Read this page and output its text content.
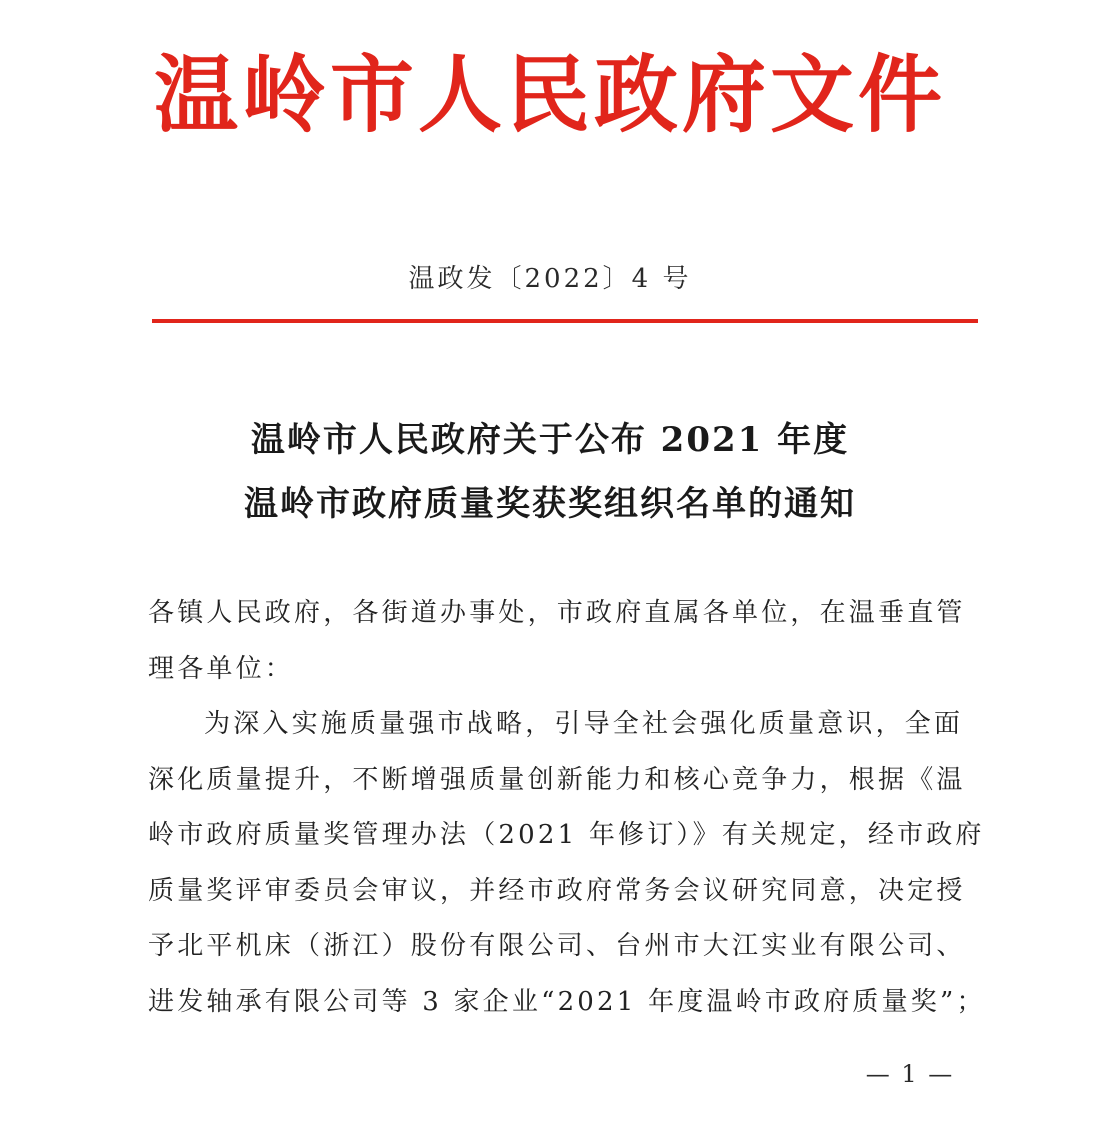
温岭市人民政府文件
温政发〔2022〕4 号
温岭市人民政府关于公布 2021 年度
温岭市政府质量奖获奖组织名单的通知
各镇人民政府，各街道办事处，市政府直属各单位，在温垂直管
理各单位：
为深入实施质量强市战略，引导全社会强化质量意识，全面
深化质量提升，不断增强质量创新能力和核心竞争力，根据《温
岭市政府质量奖管理办法（2021 年修订）》有关规定，经市政府
质量奖评审委员会审议，并经市政府常务会议研究同意，决定授
予北平机床（浙江）股份有限公司、台州市大江实业有限公司、
进发轴承有限公司等 3 家企业“2021 年度温岭市政府质量奖”；
— 1 —
